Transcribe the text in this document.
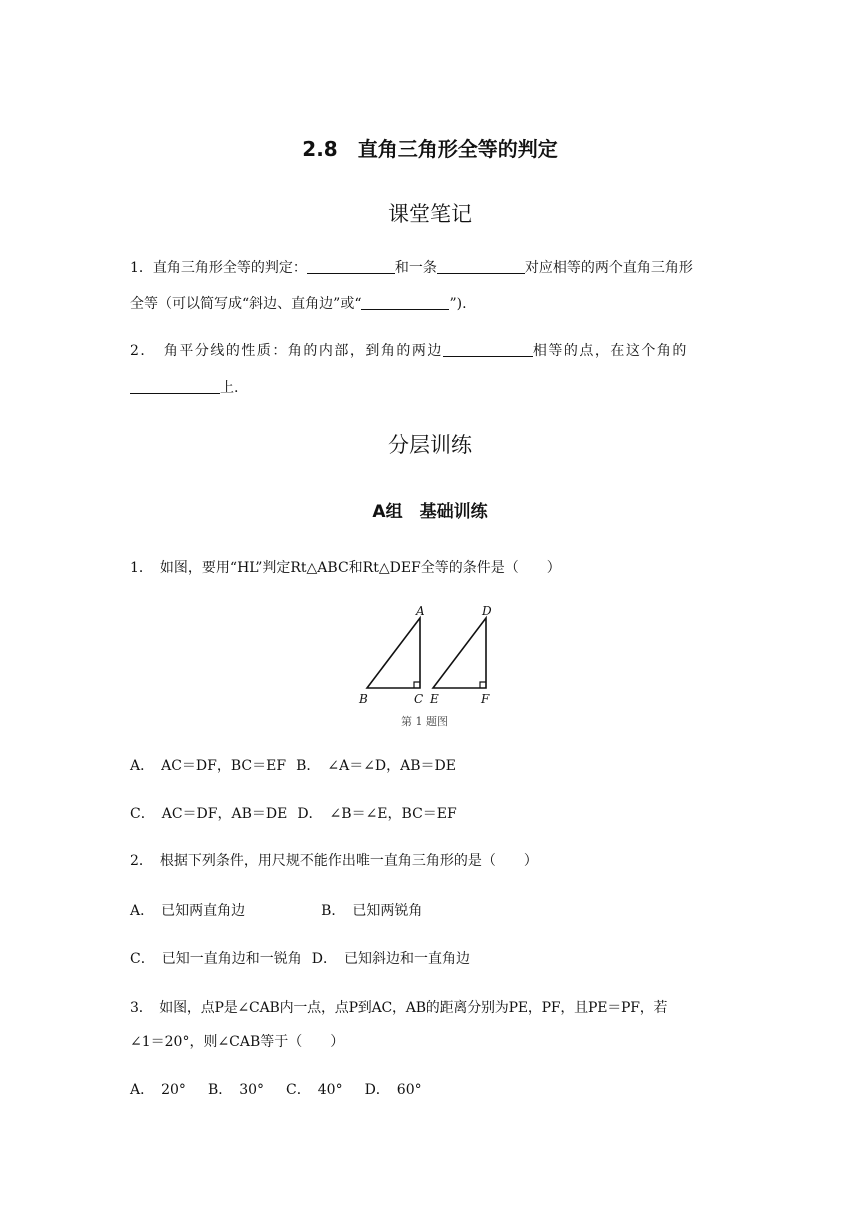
2.8　直角三角形全等的判定
课堂笔记
1．直角三角形全等的判定：	和一条	对应相等的两个直角三角形
全等（可以简写成“斜边、直角边”或“	”).
2． 角平分线的性质：角的内部，到角的两边	相等的点，在这个角的
上.
分层训练
A组　基础训练
1．　如图，要用“HL”判定Rt△ABC和Rt△DEF全等的条件是（　　）
A	D
B	C E	F
第 1 题图
A．　AC＝DF，BC＝EF B．　∠A＝∠D，AB＝DE
C．　AC＝DF，AB＝DE D．　∠B＝∠E，BC＝EF
2．　根据下列条件，用尺规不能作出唯一直角三角形的是（　　）
A．　已知两直角边	B．　已知两锐角
C．　已知一直角边和一锐角 D．　已知斜边和一直角边
3．　如图，点P是∠CAB内一点，点P到AC，AB的距离分别为PE，PF，且PE＝PF，若
∠1＝20°，则∠CAB等于（　　）
A．　20° B．　30° C．　40° D．　60°
